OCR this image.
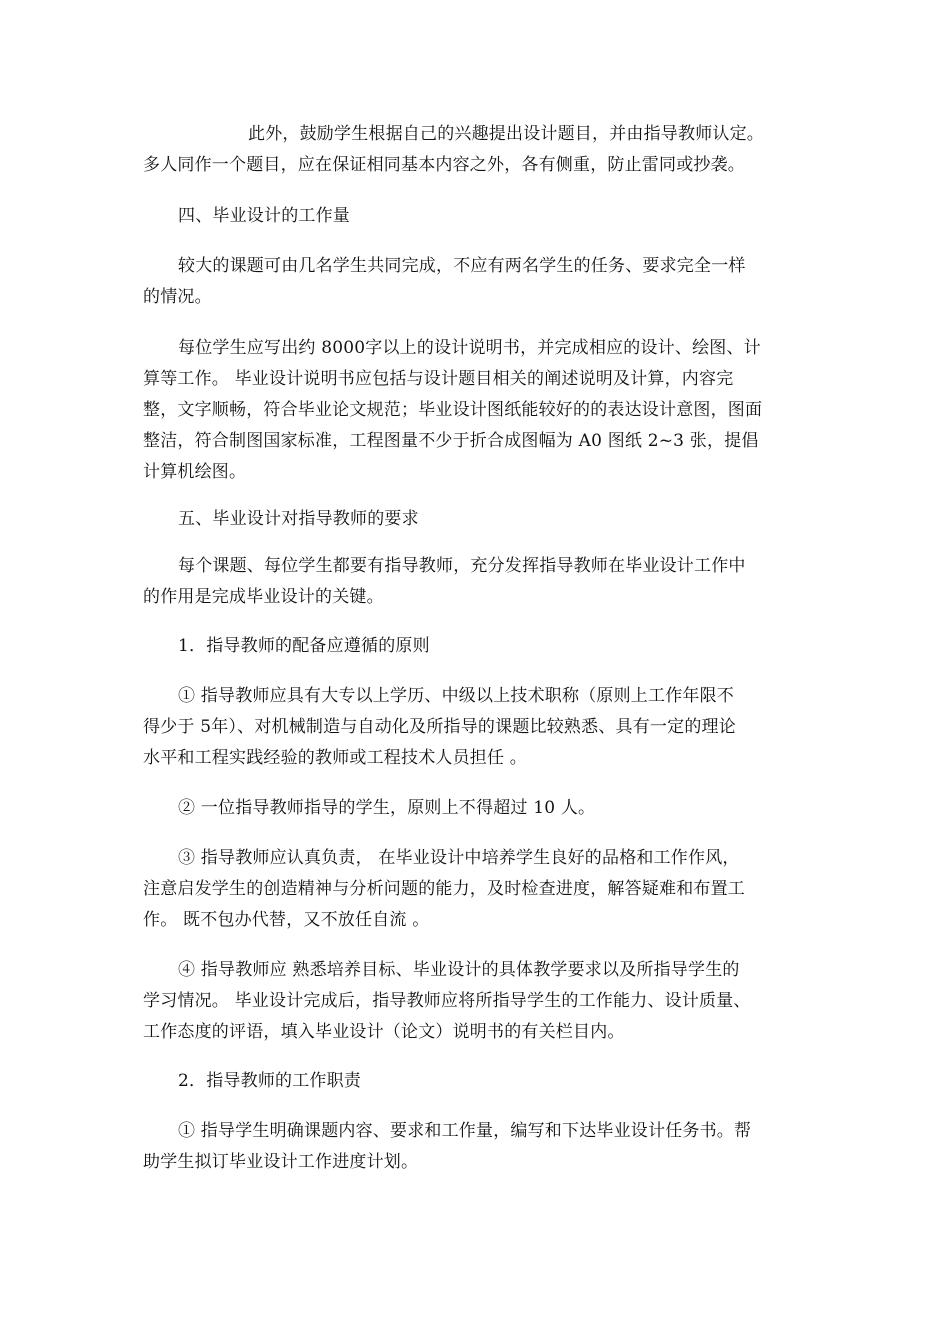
此外，鼓励学生根据自己的兴趣提出设计题目，并由指导教师认定。
多人同作一个题目，应在保证相同基本内容之外，各有侧重，防止雷同或抄袭。
四、毕业设计的工作量
较大的课题可由几名学生共同完成，不应有两名学生的任务、要求完全一样
的情况。
每位学生应写出约 8000字以上的设计说明书，并完成相应的设计、绘图、计
算等工作。 毕业设计说明书应包括与设计题目相关的阐述说明及计算，内容完
整，文字顺畅，符合毕业论文规范；毕业设计图纸能较好的的表达设计意图，图面
整洁，符合制图国家标准，工程图量不少于折合成图幅为 A0 图纸 2~3 张，提倡
计算机绘图。
五、毕业设计对指导教师的要求
每个课题、每位学生都要有指导教师，充分发挥指导教师在毕业设计工作中
的作用是完成毕业设计的关键。
1．指导教师的配备应遵循的原则
① 指导教师应具有大专以上学历、中级以上技术职称（原则上工作年限不
得少于 5年）、对机械制造与自动化及所指导的课题比较熟悉、具有一定的理论
水平和工程实践经验的教师或工程技术人员担任 。
② 一位指导教师指导的学生，原则上不得超过 10 人。
③ 指导教师应认真负责， 在毕业设计中培养学生良好的品格和工作作风，
注意启发学生的创造精神与分析问题的能力，及时检查进度，解答疑难和布置工
作。 既不包办代替，又不放任自流 。
④ 指导教师应 熟悉培养目标、毕业设计的具体教学要求以及所指导学生的
学习情况。 毕业设计完成后，指导教师应将所指导学生的工作能力、设计质量、
工作态度的评语，填入毕业设计（论文）说明书的有关栏目内。
2．指导教师的工作职责
① 指导学生明确课题内容、要求和工作量，编写和下达毕业设计任务书。帮
助学生拟订毕业设计工作进度计划。
